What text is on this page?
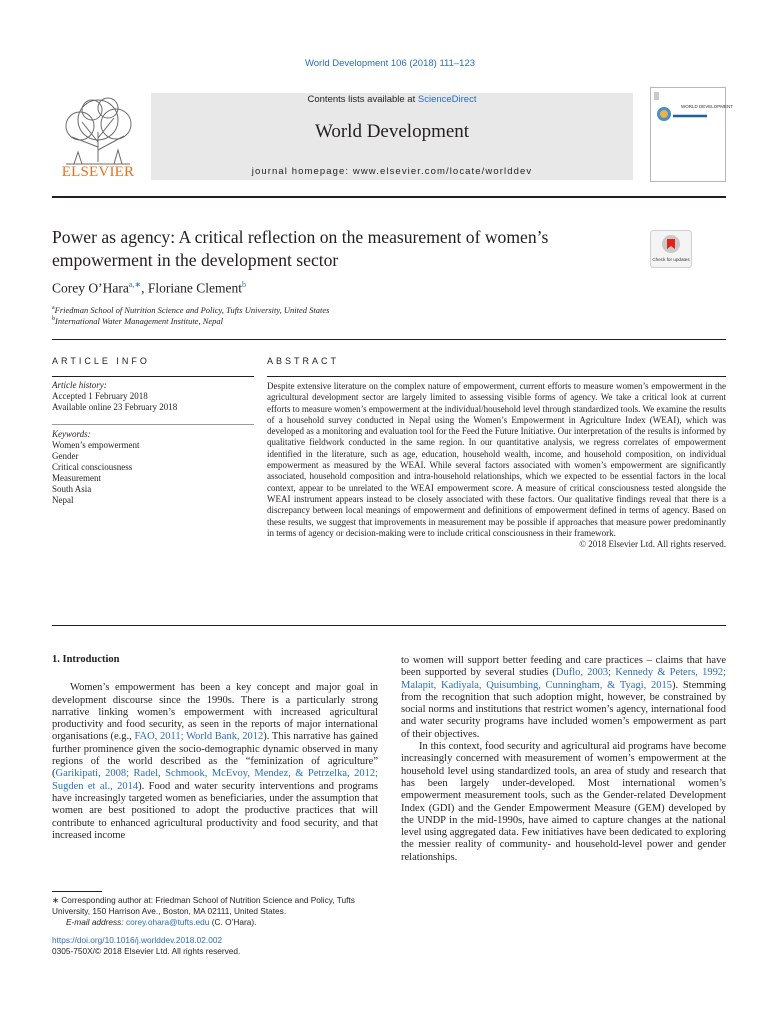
World Development 106 (2018) 111–123
ELSEVIER
Contents lists available at ScienceDirect
World Development
journal homepage: www.elsevier.com/locate/worlddev
WORLD DEVELOPMENT
Power as agency: A critical reflection on the measurement of women’s empowerment in the development sector	Check for updates
Corey O’Hara$^{a,∗}$, Floriane Clement$^b$
$^a$Friedman School of Nutrition Science and Policy, Tufts University, United States
$^b$International Water Management Institute, Nepal
ARTICLE INFO
Article history:
Accepted 1 February 2018
Available online 23 February 2018
Keywords:
Women’s empowerment
Gender
Critical consciousness
Measurement
South Asia
Nepal
ABSTRACT
Despite extensive literature on the complex nature of empowerment, current efforts to measure women’s empowerment in the agricultural development sector are largely limited to assessing visible forms of agency. We take a critical look at current efforts to measure women’s empowerment at the individual/household level through standardized tools. We examine the results of a household survey conducted in Nepal using the Women’s Empowerment in Agriculture Index (WEAI), which was developed as a monitoring and evaluation tool for the Feed the Future Initiative. Our interpretation of the results is informed by qualitative fieldwork conducted in the same region. In our quantitative analysis, we regress correlates of empowerment identified in the literature, such as age, education, household wealth, income, and household composition, on individual empowerment as measured by the WEAI. While several factors associated with women’s empowerment are significantly associated, household composition and intra-household relationships, which we expected to be essential factors in the local context, appear to be unrelated to the WEAI empowerment score. A measure of critical consciousness tested alongside the WEAI instrument appears instead to be closely associated with these factors. Our qualitative findings reveal that there is a discrepancy between local meanings of empowerment and definitions of empowerment defined in terms of agency. Based on these results, we suggest that improvements in measurement may be possible if approaches that measure power predominantly in terms of agency or decision-making were to include critical consciousness in their framework.
© 2018 Elsevier Ltd. All rights reserved.
1. Introduction

Women’s empowerment has been a key concept and major goal in development discourse since the 1990s. There is a particularly strong narrative linking women’s empowerment with increased agricultural productivity and food security, as seen in the reports of major international organisations (e.g., FAO, 2011; World Bank, 2012). This narrative has gained further prominence given the socio-demographic dynamic observed in many regions of the world described as the “feminization of agriculture” (Garikipati, 2008; Radel, Schmook, McEvoy, Mendez, & Petrzelka, 2012; Sugden et al., 2014). Food and water security interventions and programs have increasingly targeted women as beneficiaries, under the assumption that women are best positioned to adopt the productive practices that will contribute to enhanced agricultural productivity and food security, and that increased income

∗ Corresponding author at: Friedman School of Nutrition Science and Policy, Tufts University, 150 Harrison Ave., Boston, MA 02111, United States.
E-mail address: corey.ohara@tufts.edu (C. O’Hara).
https://doi.org/10.1016/j.worlddev.2018.02.002
0305-750X/© 2018 Elsevier Ltd. All rights reserved.

to women will support better feeding and care practices – claims that have been supported by several studies (Duflo, 2003; Kennedy & Peters, 1992; Malapit, Kadiyala, Quisumbing, Cunningham, & Tyagi, 2015). Stemming from the recognition that such adoption might, however, be constrained by social norms and institutions that restrict women’s agency, international food and water security programs have included women’s empowerment as part of their objectives.

In this context, food security and agricultural aid programs have become increasingly concerned with measurement of women’s empowerment at the household level using standardized tools, an area of study and research that has been largely under-developed. Most international women’s empowerment measurement tools, such as the Gender-related Development Index (GDI) and the Gender Empowerment Measure (GEM) developed by the UNDP in the mid-1990s, have aimed to capture changes at the national level using aggregated data. Few initiatives have been dedicated to exploring the messier reality of community- and household-level power and gender relationships.
